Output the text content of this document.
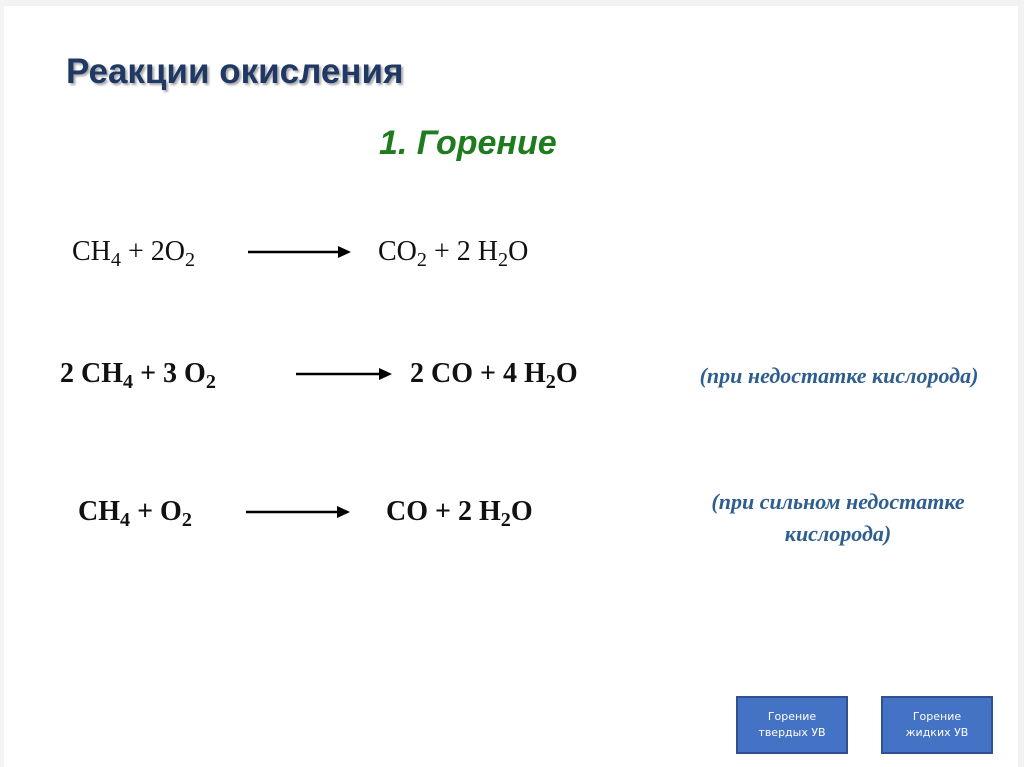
Реакции окисления
1. Горение
$CH_4 + 2O_2$	$CO_2 + 2$ $H_2O$
2 $CH_4 + 3$ $O_2$	2 CO + 4 $H_2O$	(при недостатке кислорода)
$CH_4 + O_2$	CO + 2 $H_2O$	(при сильном недостатке
кислорода)
Горение
твердых УВ
Горение
жидких УВ
